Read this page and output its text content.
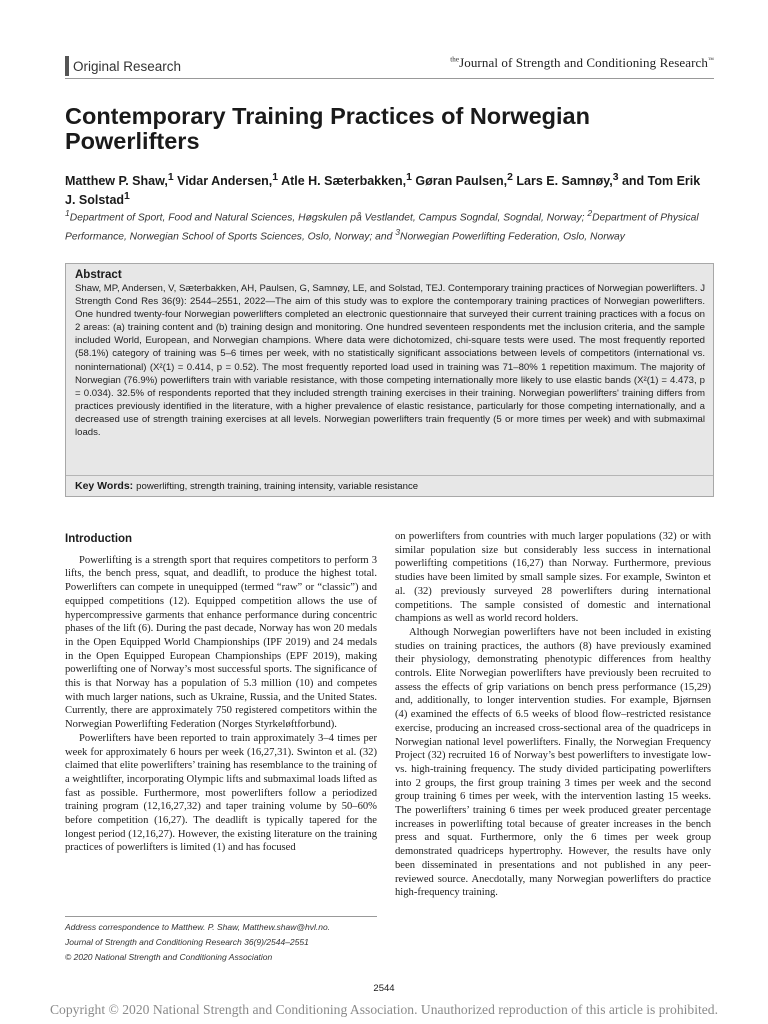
Original Research	$^{the}$Journal of Strength and Conditioning Research™
Contemporary Training Practices of Norwegian Powerlifters
Matthew P. Shaw,$^1$ Vidar Andersen,$^1$ Atle H. Sæterbakken,$^1$ Gøran Paulsen,$^2$ Lars E. Samnøy,$^3$ and Tom Erik J. Solstad$^1$
$^1$Department of Sport, Food and Natural Sciences, Høgskulen på Vestlandet, Campus Sogndal, Sogndal, Norway; $^2$Department of Physical Performance, Norwegian School of Sports Sciences, Oslo, Norway; and $^3$Norwegian Powerlifting Federation, Oslo, Norway
Abstract

Shaw, MP, Andersen, V, Sæterbakken, AH, Paulsen, G, Samnøy, LE, and Solstad, TEJ. Contemporary training practices of Norwegian powerlifters. J Strength Cond Res 36(9): 2544–2551, 2022—The aim of this study was to explore the contemporary training practices of Norwegian powerlifters. One hundred twenty-four Norwegian powerlifters completed an electronic questionnaire that surveyed their current training practices with a focus on 2 areas: (a) training content and (b) training design and monitoring. One hundred seventeen respondents met the inclusion criteria, and the sample included World, European, and Norwegian champions. Where data were dichotomized, chi-square tests were used. The most frequently reported (58.1%) category of training was 5–6 times per week, with no statistically significant associations between levels of competitors (international vs. noninternational) (X²(1) = 0.414, p = 0.52). The most frequently reported load used in training was 71–80% 1 repetition maximum. The majority of Norwegian (76.9%) powerlifters train with variable resistance, with those competing internationally more likely to use elastic bands (X²(1) = 4.473, p = 0.034). 32.5% of respondents reported that they included strength training exercises in their training. Norwegian powerlifters' training differs from practices previously identified in the literature, with a higher prevalence of elastic resistance, particularly for those competing internationally, and a decreased use of strength training exercises at all levels. Norwegian powerlifters train frequently (5 or more times per week) and with submaximal loads.

Key Words: powerlifting, strength training, training intensity, variable resistance
Introduction

Powerlifting is a strength sport that requires competitors to perform 3 lifts, the bench press, squat, and deadlift, to produce the highest total. Powerlifters can compete in unequipped (termed “raw” or “classic”) and equipped competitions (12). Equipped competition allows the use of hypercompressive garments that enhance performance during concentric phases of the lift (6). During the past decade, Norway has won 20 medals in the Open Equipped World Championships (IPF 2019) and 24 medals in the Open Equipped European Championships (EPF 2019), making powerlifting one of Norway’s most successful sports. The significance of this is that Norway has a population of 5.3 million (10) and competes with much larger nations, such as Ukraine, Russia, and the United States. Currently, there are approximately 750 registered competitors within the Norwegian Powerlifting Federation (Norges Styrkeløftforbund).

Powerlifters have been reported to train approximately 3–4 times per week for approximately 6 hours per week (16,27,31). Swinton et al. (32) claimed that elite powerlifters’ training has resemblance to the training of a weightlifter, incorporating Olympic lifts and submaximal loads lifted as fast as possible. Furthermore, most powerlifters follow a periodized training program (12,16,27,32) and taper training volume by 50–60% before competition (16,27). The deadlift is typically tapered for the longest period (12,16,27). However, the existing literature on the training practices of powerlifters is limited (1) and has focused

on powerlifters from countries with much larger populations (32) or with similar population size but considerably less success in international powerlifting competitions (16,27) than Norway. Furthermore, previous studies have been limited by small sample sizes. For example, Swinton et al. (32) previously surveyed 28 powerlifters during international competitions. The sample consisted of domestic and international champions as well as world record holders.

Although Norwegian powerlifters have not been included in existing studies on training practices, the authors (8) have previously examined their physiology, demonstrating phenotypic differences from healthy controls. Elite Norwegian powerlifters have previously been recruited to assess the effects of grip variations on bench press performance (15,29) and, additionally, to longer intervention studies. For example, Bjørnsen (4) examined the effects of 6.5 weeks of blood flow–restricted resistance exercise, producing an increased cross-sectional area of the quadriceps in Norwegian national level powerlifters. Finally, the Norwegian Frequency Project (32) recruited 16 of Norway’s best powerlifters to investigate low- vs. high-training frequency. The study divided participating powerlifters into 2 groups, the first group training 3 times per week and the second group training 6 times per week, with the intervention lasting 15 weeks. The powerlifters’ training 6 times per week produced greater percentage increases in powerlifting total because of greater increases in the bench press and squat. Furthermore, only the 6 times per week group demonstrated quadriceps hypertrophy. However, the results have only been disseminated in presentations and not published in any peer-reviewed source. Anecdotally, many Norwegian powerlifters do practice high-frequency training.

Address correspondence to Matthew. P. Shaw, Matthew.shaw@hvl.no.
Journal of Strength and Conditioning Research 36(9)/2544–2551
© 2020 National Strength and Conditioning Association
2544
Copyright © 2020 National Strength and Conditioning Association. Unauthorized reproduction of this article is prohibited.
